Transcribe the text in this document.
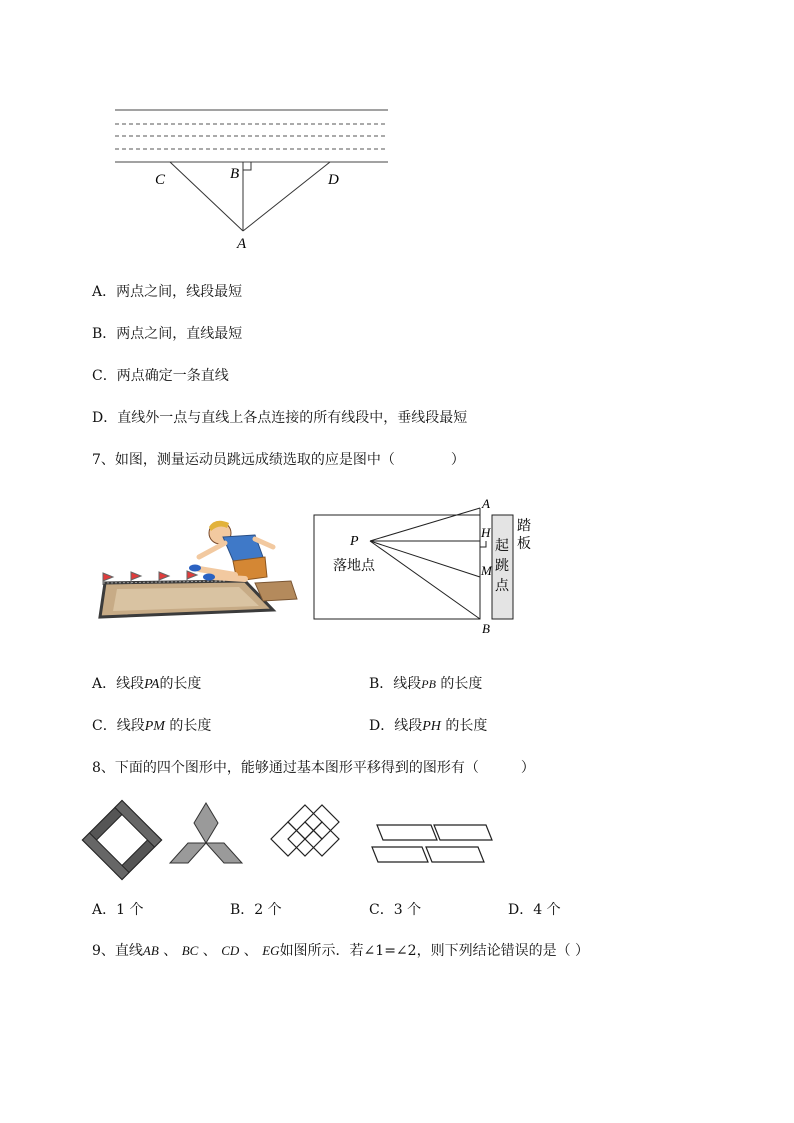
C	B	D
A
A．两点之间，线段最短
B．两点之间，直线最短
C．两点确定一条直线
D．直线外一点与直线上各点连接的所有线段中，垂线段最短
7、如图，测量运动员跳远成绩选取的应是图中（　　　　）
P
A
H
M
B
落地点
踏
板
起
跳
点
A．线段PA的长度	B．线段PB 的长度
C．线段PM 的长度	D．线段PH 的长度
8、下面的四个图形中，能够通过基本图形平移得到的图形有（　　　）
A．1 个	B．2 个	C．3 个	D．4 个
9、直线AB 、 BC 、 CD 、 EG如图所示．若∠1=∠2，则下列结论错误的是（ ）
